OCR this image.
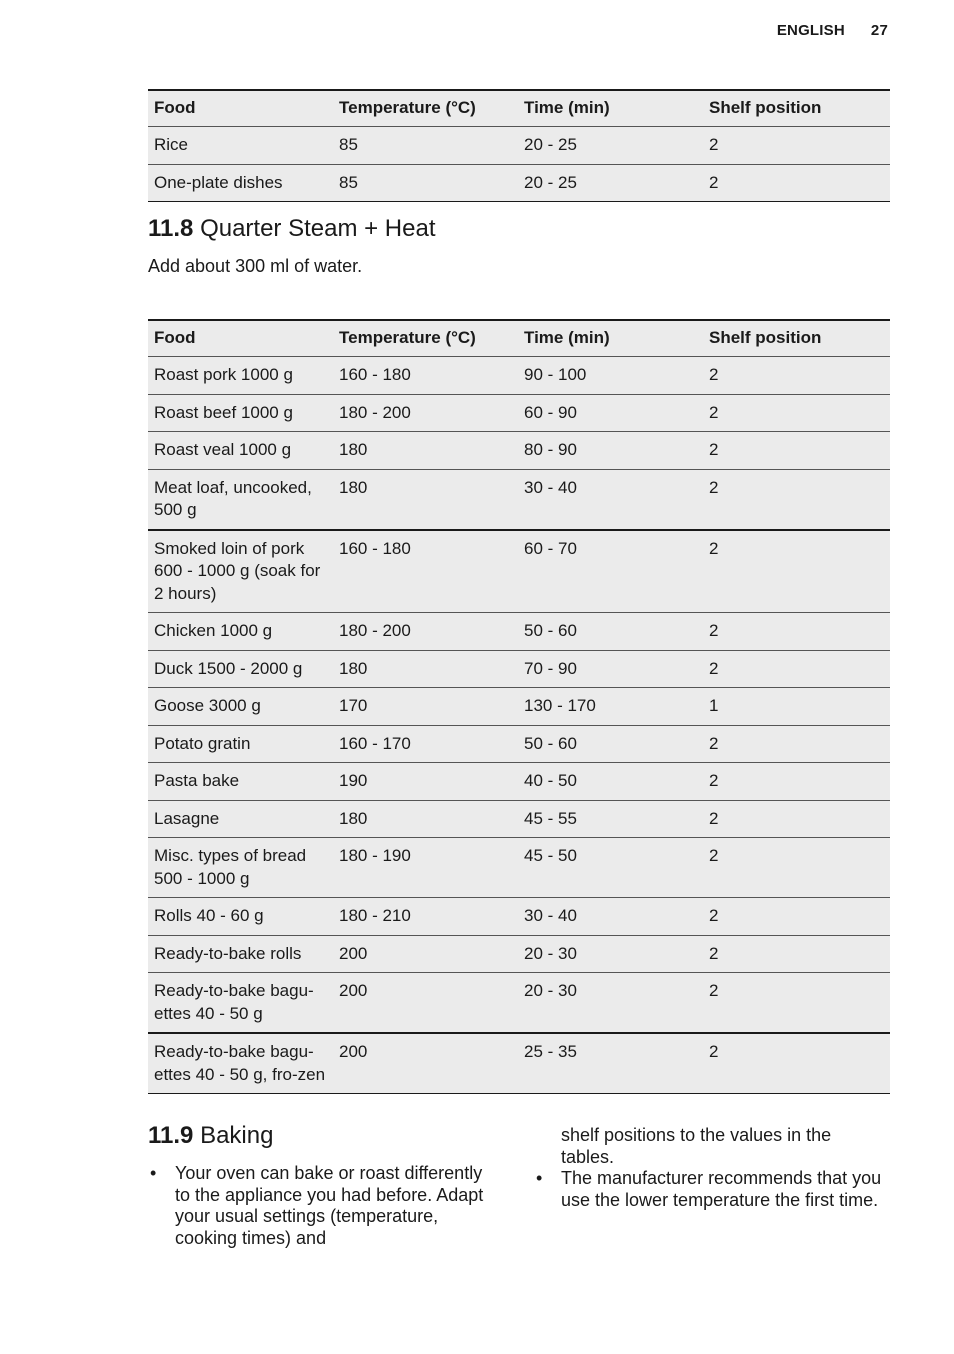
ENGLISH 27
Food	Temperature (°C)	Time (min)	Shelf position
Rice	85	20 - 25	2
One-plate dishes	85	20 - 25	2
11.8 Quarter Steam + Heat

Add about 300 ml of water.

Food	Temperature (°C)	Time (min)	Shelf position
Roast pork 1000 g	160 - 180	90 - 100	2
Roast beef 1000 g	180 - 200	60 - 90	2
Roast veal 1000 g	180	80 - 90	2
Meat loaf, uncooked, 500 g	180	30 - 40	2
Smoked loin of pork 600 - 1000 g (soak for 2 hours)	160 - 180	60 - 70	2
Chicken 1000 g	180 - 200	50 - 60	2
Duck 1500 - 2000 g	180	70 - 90	2
Goose 3000 g	170	130 - 170	1
Potato gratin	160 - 170	50 - 60	2
Pasta bake	190	40 - 50	2
Lasagne	180	45 - 55	2
Misc. types of bread 500 - 1000 g	180 - 190	45 - 50	2
Rolls 40 - 60 g	180 - 210	30 - 40	2
Ready-to-bake rolls	200	20 - 30	2
Ready-to-bake bagu-ettes 40 - 50 g	200	20 - 30	2
Ready-to-bake bagu-ettes 40 - 50 g, fro-zen	200	25 - 35	2
11.9 Baking
• Your oven can bake or roast differently to the appliance you had before. Adapt your usual settings (temperature, cooking times) and

shelf positions to the values in the tables.

• The manufacturer recommends that you use the lower temperature the first time.
